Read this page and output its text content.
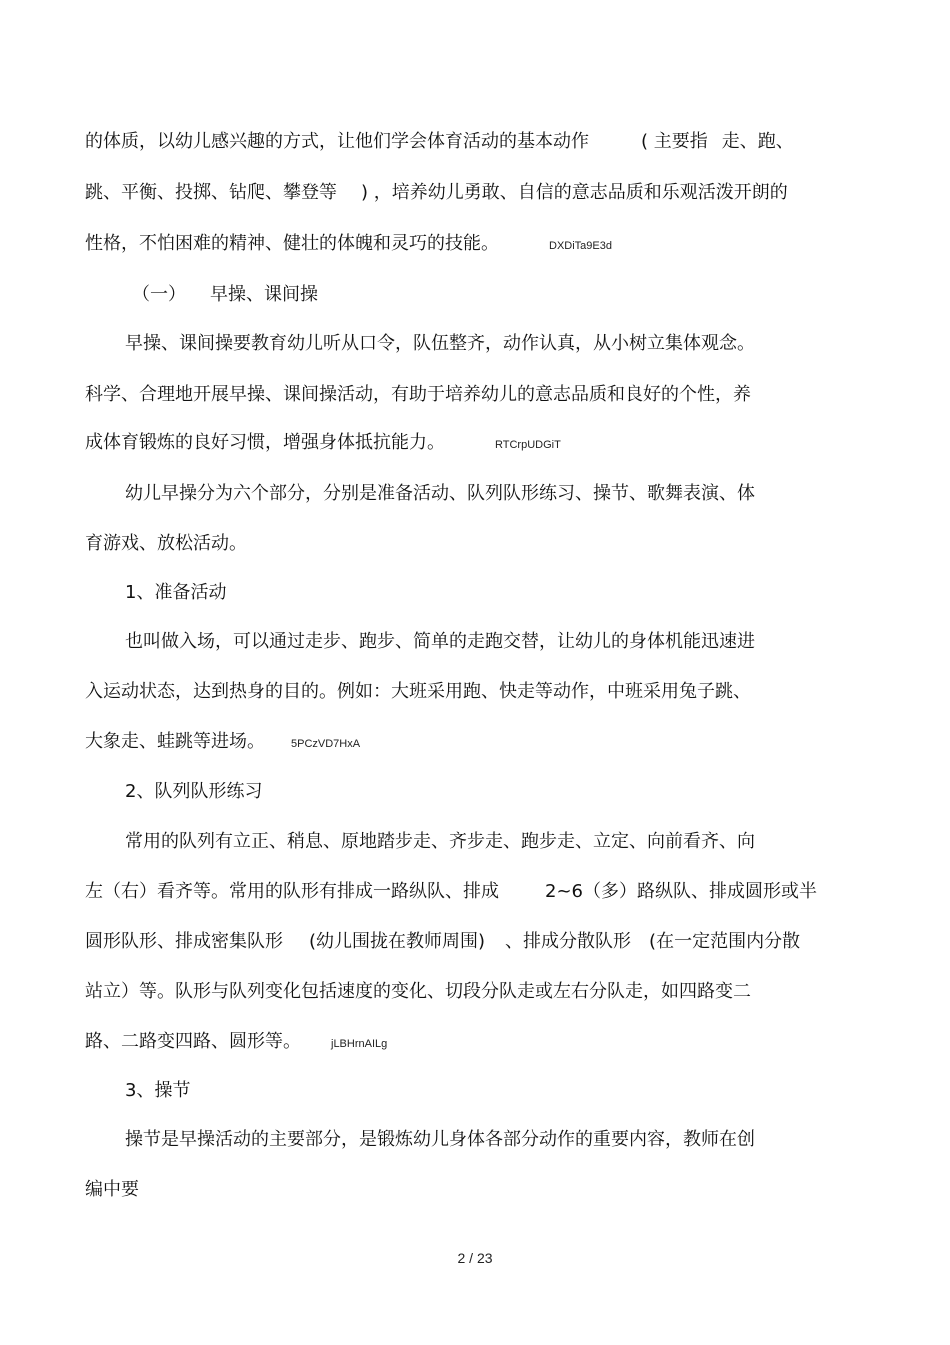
的体质，以幼儿感兴趣的方式，让他们学会体育活动的基本动作	( 主要指 走、跑、
跳、平衡、投掷、钻爬、攀登等 ) ，培养幼儿勇敢、自信的意志品质和乐观活泼开朗的
性格，不怕困难的精神、健壮的体魄和灵巧的技能。	DXDiTa9E3d
（一） 早操、课间操
早操、课间操要教育幼儿听从口令，队伍整齐，动作认真，从小树立集体观念。
科学、合理地开展早操、课间操活动，有助于培养幼儿的意志品质和良好的个性，养
成体育锻炼的良好习惯，增强身体抵抗能力。	RTCrpUDGiT
幼儿早操分为六个部分，分别是准备活动、队列队形练习、操节、歌舞表演、体
育游戏、放松活动。
1、准备活动
也叫做入场，可以通过走步、跑步、简单的走跑交替，让幼儿的身体机能迅速进
入运动状态，达到热身的目的。例如：大班采用跑、快走等动作，中班采用兔子跳、
大象走、蛙跳等进场。 5PCzVD7HxA
2、队列队形练习
常用的队列有立正、稍息、原地踏步走、齐步走、跑步走、立定、向前看齐、向
左（右）看齐等。常用的队形有排成一路纵队、排成	2~6（多）路纵队、排成圆形或半
圆形队形、排成密集队形 (幼儿围拢在教师周围) 、排成分散队形 (在一定范围内分散
站立）等。队形与队列变化包括速度的变化、切段分队走或左右分队走，如四路变二
路、二路变四路、圆形等。	jLBHrnAILg
3、操节
操节是早操活动的主要部分，是锻炼幼儿身体各部分动作的重要内容，教师在创
编中要
2 / 23
